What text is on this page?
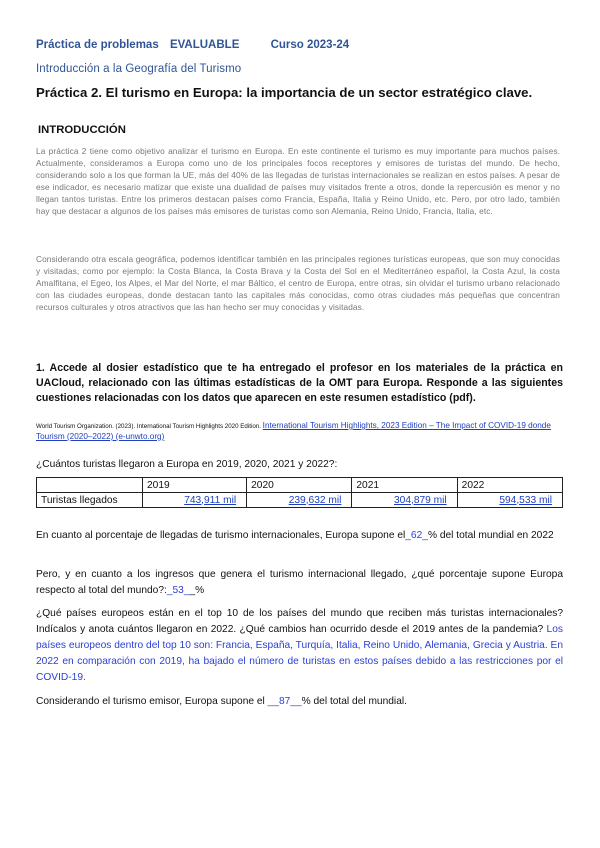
Práctica de problemas EVALUABLE	Curso 2023-24
Introducción a la Geografía del Turismo
Práctica 2. El turismo en Europa: la importancia de un sector estratégico clave.
INTRODUCCIÓN
La práctica 2 tiene como objetivo analizar el turismo en Europa. En este continente el turismo es muy importante para muchos países. Actualmente, consideramos a Europa como uno de los principales focos receptores y emisores de turistas del mundo. De hecho, considerando solo a los que forman la UE, más del 40% de las llegadas de turistas internacionales se realizan en estos países. A pesar de ese indicador, es necesario matizar que existe una dualidad de países muy visitados frente a otros, donde la repercusión es menor y no llegan tantos turistas. Entre los primeros destacan países como Francia, España, Italia y Reino Unido, etc. Pero, por otro lado, también hay que destacar a algunos de los países más emisores de turistas como son Alemania, Reino Unido, Francia, Italia, etc.
Considerando otra escala geográfica, podemos identificar también en las principales regiones turísticas europeas, que son muy conocidas y visitadas, como por ejemplo: la Costa Blanca, la Costa Brava y la Costa del Sol en el Mediterráneo español, la Costa Azul, la costa Amalfitana, el Egeo, los Alpes, el Mar del Norte, el mar Báltico, el centro de Europa, entre otras, sin olvidar el turismo urbano relacionado con las ciudades europeas, donde destacan tanto las capitales más conocidas, como otras ciudades más pequeñas que concentran recursos culturales y otros atractivos que las han hecho ser muy conocidas y visitadas.
1. Accede al dosier estadístico que te ha entregado el profesor en los materiales de la práctica en UACloud, relacionado con las últimas estadísticas de la OMT para Europa. Responde a las siguientes cuestiones relacionadas con los datos que aparecen en este resumen estadístico (pdf).
World Tourism Organization. (2023). International Tourism Highlights 2020 Edition. International Tourism Highlights, 2023 Edition – The Impact of COVID-19 donde Tourism (2020–2022) (e-unwto.org)
¿Cuántos turistas llegaron a Europa en 2019, 2020, 2021 y 2022?:
	2019	2020	2021	2022
Turistas llegados	743,911 mil	239,632 mil	304,879 mil	594,533 mil
En cuanto al porcentaje de llegadas de turismo internacionales, Europa supone el_62_% del total mundial en 2022
Pero, y en cuanto a los ingresos que genera el turismo internacional llegado, ¿qué porcentaje supone Europa respecto al total del mundo?:_53__%
¿Qué países europeos están en el top 10 de los países del mundo que reciben más turistas internacionales? Indícalos y anota cuántos llegaron en 2022. ¿Qué cambios han ocurrido desde el 2019 antes de la pandemia? Los países europeos dentro del top 10 son: Francia, España, Turquía, Italia, Reino Unido, Alemania, Grecia y Austria. En 2022 en comparación con 2019, ha bajado el número de turistas en estos países debido a las restricciones por el COVID-19.
Considerando el turismo emisor, Europa supone el __87__% del total del mundial.
